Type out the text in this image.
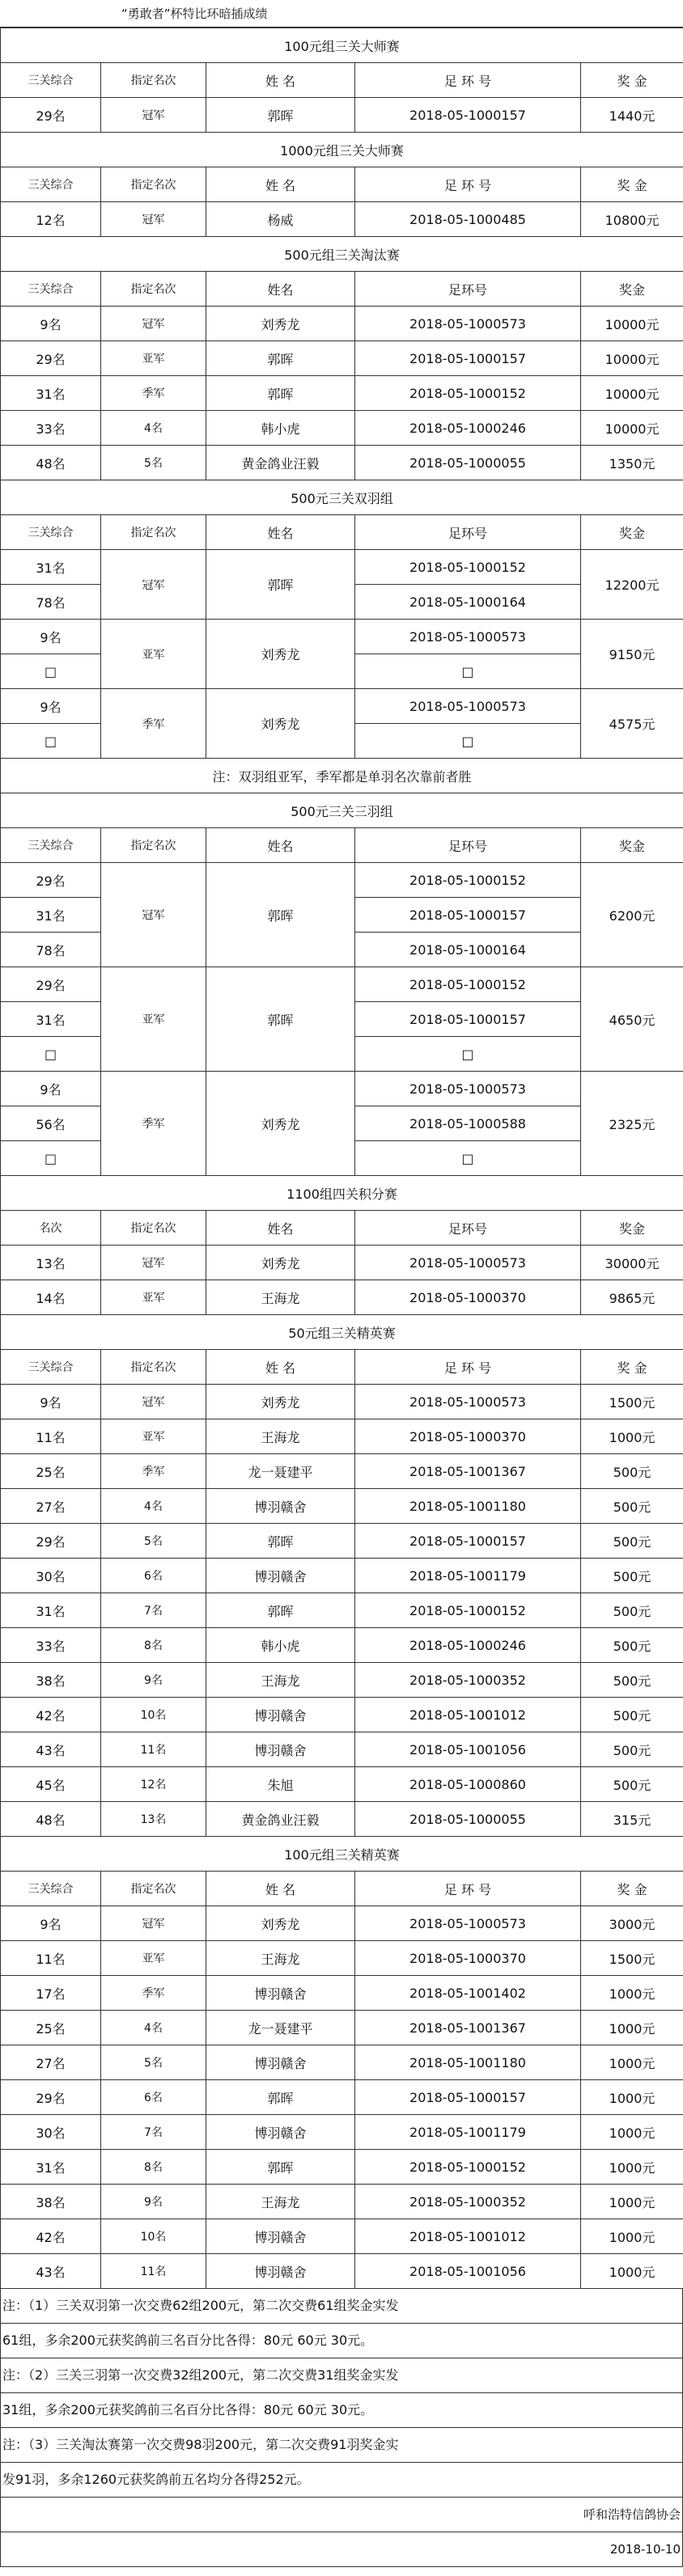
“勇敢者”杯特比环暗插成绩
100元组三关大师赛				
三关综合	指定名次	姓 名	足 环 号	奖 金
29名	冠军	郭晖	2018-05-1000157	1440元
1000元组三关大师赛				
三关综合	指定名次	姓 名	足 环 号	奖 金
12名	冠军	杨威	2018-05-1000485	10800元
500元组三关淘汰赛				
三关综合	指定名次	姓名	足环号	奖金
9名	冠军	刘秀龙	2018-05-1000573	10000元
29名	亚军	郭晖	2018-05-1000157	10000元
31名	季军	郭晖	2018-05-1000152	10000元
33名	4名	韩小虎	2018-05-1000246	10000元
48名	5名	黄金鸽业汪毅	2018-05-1000055	1350元
500元三关双羽组				
三关综合	指定名次	姓名	足环号	奖金
31名	冠军	郭晖	2018-05-1000152	12200元
78名			2018-05-1000164	
9名	亚军	刘秀龙	2018-05-1000573	9150元
□			□	
9名	季军	刘秀龙	2018-05-1000573	4575元
□			□	
注：双羽组亚军，季军都是单羽名次靠前者胜				
500元三关三羽组				
三关综合	指定名次	姓名	足环号	奖金
29名	冠军	郭晖	2018-05-1000152	6200元
31名			2018-05-1000157	
78名			2018-05-1000164	
29名	亚军	郭晖	2018-05-1000152	4650元
31名			2018-05-1000157	
□			□	
9名	季军	刘秀龙	2018-05-1000573	2325元
56名			2018-05-1000588	
□			□	
1100组四关积分赛				
名次	指定名次	姓名	足环号	奖金
13名	冠军	刘秀龙	2018-05-1000573	30000元
14名	亚军	王海龙	2018-05-1000370	9865元
50元组三关精英赛				
三关综合	指定名次	姓 名	足 环 号	奖 金
9名	冠军	刘秀龙	2018-05-1000573	1500元
11名	亚军	王海龙	2018-05-1000370	1000元
25名	季军	龙一聂建平	2018-05-1001367	500元
27名	4名	博羽赣舍	2018-05-1001180	500元
29名	5名	郭晖	2018-05-1000157	500元
30名	6名	博羽赣舍	2018-05-1001179	500元
31名	7名	郭晖	2018-05-1000152	500元
33名	8名	韩小虎	2018-05-1000246	500元
38名	9名	王海龙	2018-05-1000352	500元
42名	10名	博羽赣舍	2018-05-1001012	500元
43名	11名	博羽赣舍	2018-05-1001056	500元
45名	12名	朱旭	2018-05-1000860	500元
48名	13名	黄金鸽业汪毅	2018-05-1000055	315元
100元组三关精英赛				
三关综合	指定名次	姓 名	足 环 号	奖 金
9名	冠军	刘秀龙	2018-05-1000573	3000元
11名	亚军	王海龙	2018-05-1000370	1500元
17名	季军	博羽赣舍	2018-05-1001402	1000元
25名	4名	龙一聂建平	2018-05-1001367	1000元
27名	5名	博羽赣舍	2018-05-1001180	1000元
29名	6名	郭晖	2018-05-1000157	1000元
30名	7名	博羽赣舍	2018-05-1001179	1000元
31名	8名	郭晖	2018-05-1000152	1000元
38名	9名	王海龙	2018-05-1000352	1000元
42名	10名	博羽赣舍	2018-05-1001012	1000元
43名	11名	博羽赣舍	2018-05-1001056	1000元
注：（1）三关双羽第一次交费62组200元，第二次交费61组奖金实发
61组，多余200元获奖鸽前三名百分比各得：80元 60元 30元。
注：（2）三关三羽第一次交费32组200元，第二次交费31组奖金实发
31组，多余200元获奖鸽前三名百分比各得：80元 60元 30元。
注：（3）三关淘汰赛第一次交费98羽200元，第二次交费91羽奖金实
发91羽，多余1260元获奖鸽前五名均分各得252元。
呼和浩特信鸽协会
2018-10-10
